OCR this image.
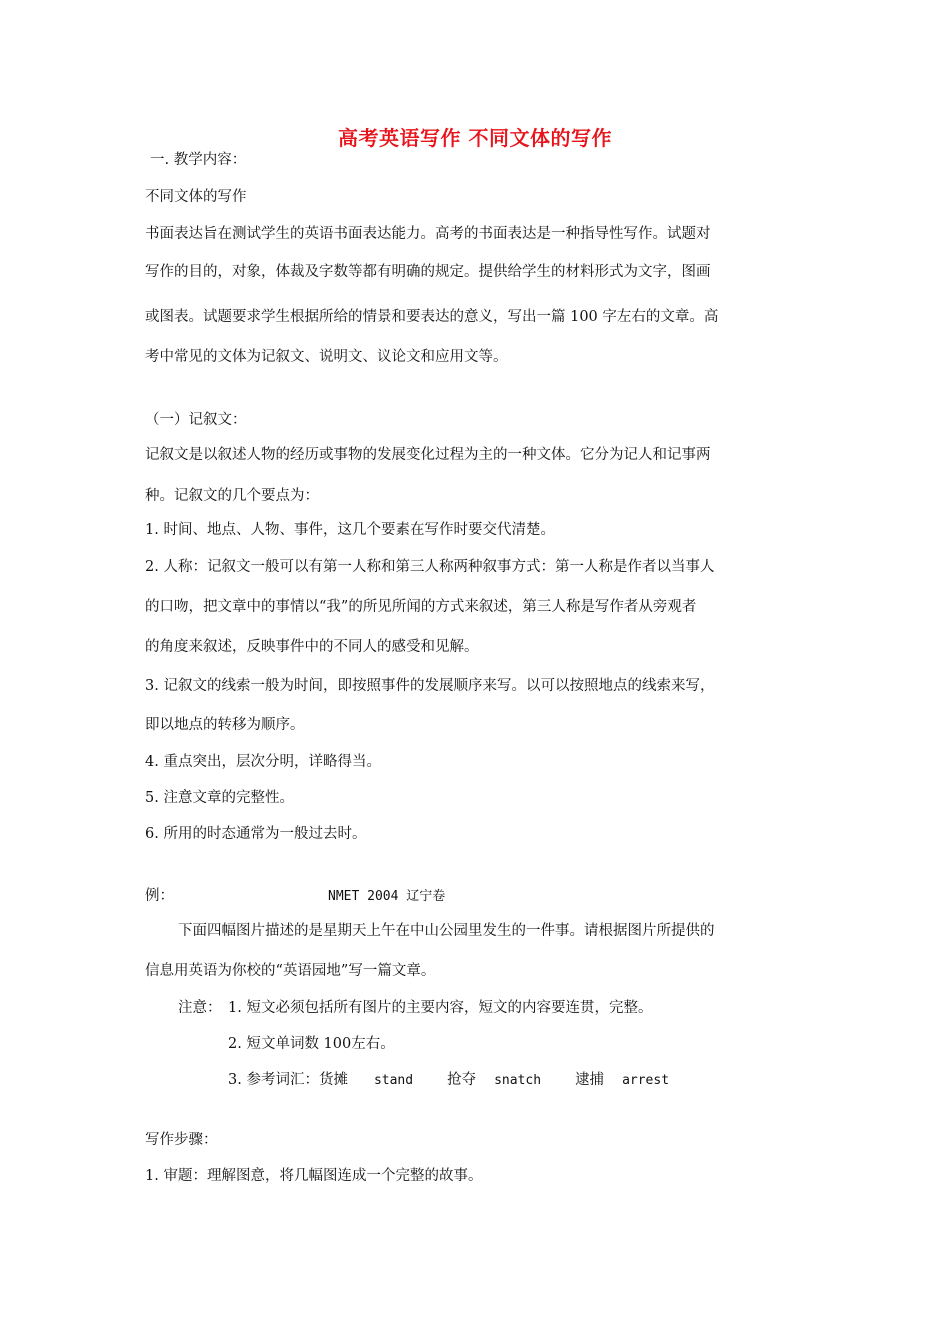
高考英语写作 不同文体的写作
一. 教学内容：
不同文体的写作
书面表达旨在测试学生的英语书面表达能力。高考的书面表达是一种指导性写作。试题对
写作的目的，对象，体裁及字数等都有明确的规定。提供给学生的材料形式为文字，图画
或图表。试题要求学生根据所给的情景和要表达的意义，写出一篇 100 字左右的文章。高
考中常见的文体为记叙文、说明文、议论文和应用文等。
（一）记叙文：
记叙文是以叙述人物的经历或事物的发展变化过程为主的一种文体。它分为记人和记事两
种。记叙文的几个要点为：
1. 时间、地点、人物、事件，这几个要素在写作时要交代清楚。
2. 人称：记叙文一般可以有第一人称和第三人称两种叙事方式：第一人称是作者以当事人
的口吻，把文章中的事情以“我”的所见所闻的方式来叙述，第三人称是写作者从旁观者
的角度来叙述，反映事件中的不同人的感受和见解。
3. 记叙文的线索一般为时间，即按照事件的发展顺序来写。以可以按照地点的线索来写，
即以地点的转移为顺序。
4. 重点突出，层次分明，详略得当。
5. 注意文章的完整性。
6. 所用的时态通常为一般过去时。
例：	NMET 2004 辽宁卷
下面四幅图片描述的是星期天上午在中山公园里发生的一件事。请根据图片所提供的
信息用英语为你校的“英语园地”写一篇文章。
注意： 1. 短文必须包括所有图片的主要内容，短文的内容要连贯，完整。
2. 短文单词数 100左右。
3. 参考词汇：货摊 stand 抢夺 snatch 逮捕 arrest
写作步骤：
1. 审题：理解图意，将几幅图连成一个完整的故事。
